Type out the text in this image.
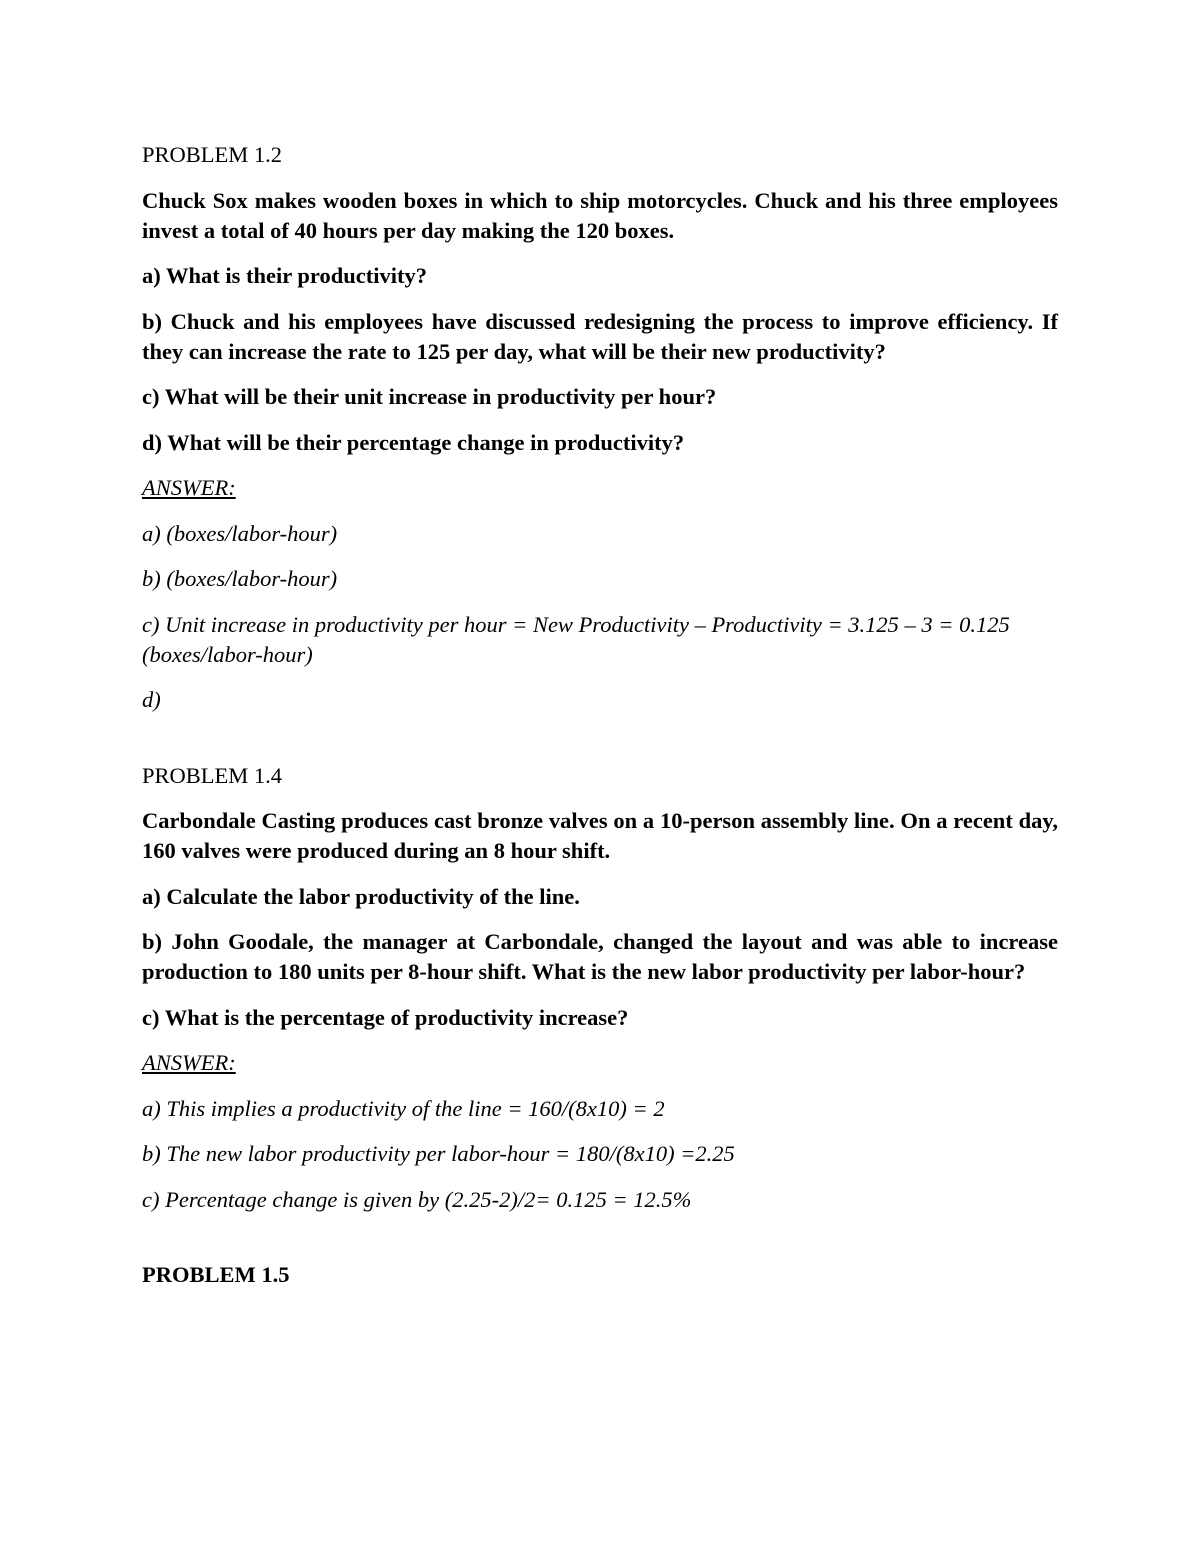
PROBLEM 1.2
Chuck Sox makes wooden boxes in which to ship motorcycles. Chuck and his three employees invest a total of 40 hours per day making the 120 boxes.
a) What is their productivity?
b) Chuck and his employees have discussed redesigning the process to improve efficiency. If they can increase the rate to 125 per day, what will be their new productivity?
c) What will be their unit increase in productivity per hour?
d) What will be their percentage change in productivity?
ANSWER:
a) (boxes/labor-hour)
b) (boxes/labor-hour)
c) Unit increase in productivity per hour = New Productivity – Productivity = 3.125 – 3 = 0.125 (boxes/labor-hour)
d)
PROBLEM 1.4
Carbondale Casting produces cast bronze valves on a 10-person assembly line. On a recent day, 160 valves were produced during an 8 hour shift.
a) Calculate the labor productivity of the line.
b) John Goodale, the manager at Carbondale, changed the layout and was able to increase production to 180 units per 8-hour shift. What is the new labor productivity per labor-hour?
c) What is the percentage of productivity increase?
ANSWER:
a) This implies a productivity of the line = 160/(8x10) = 2
b) The new labor productivity per labor-hour = 180/(8x10) =2.25
c) Percentage change is given by (2.25-2)/2= 0.125 = 12.5%
PROBLEM 1.5
